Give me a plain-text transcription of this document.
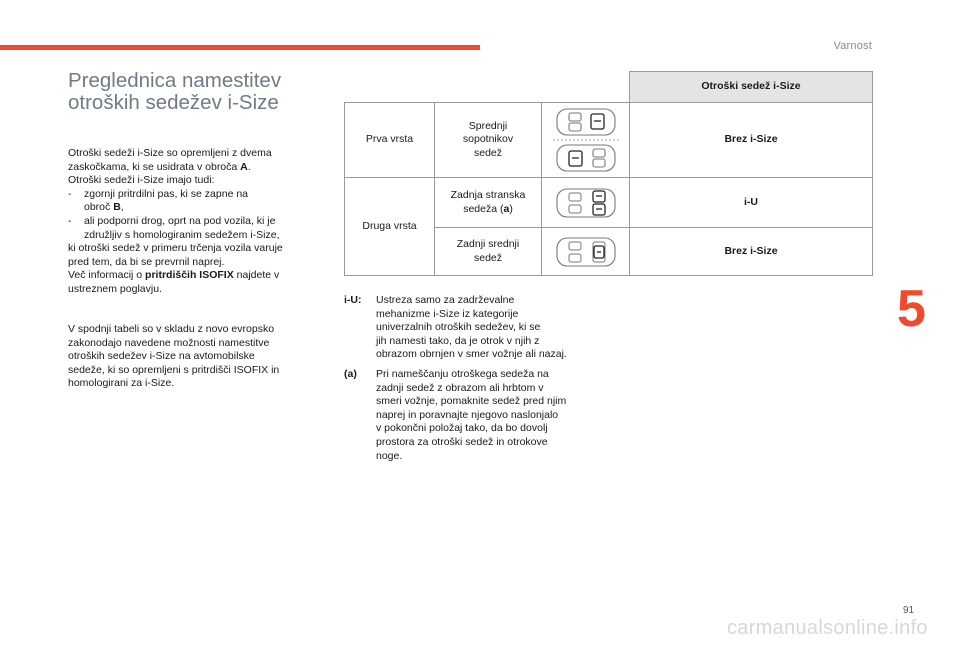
Varnost
5
Preglednica namestitev
otroških sedežev i-Size
Otroški sedeži i-Size so opremljeni z dvema
zaskočkama, ki se usidrata v obroča A.
Otroški sedeži i-Size imajo tudi:
- zgornji pritrdilni pas, ki se zapne na
obroč B,
- ali podporni drog, oprt na pod vozila, ki je
združljiv s homologiranim sedežem i-Size,
ki otroški sedež v primeru trčenja vozila varuje
pred tem, da bi se prevrnil naprej.
Več informacij o pritrdiščih ISOFIX najdete v
ustreznem poglavju.
V spodnji tabeli so v skladu z novo evropsko
zakonodajo navedene možnosti namestitve
otroških sedežev i-Size na avtomobilske
sedeže, ki so opremljeni s pritrdišči ISOFIX in
homologirani za i-Size.
Otroški sedež i-Size
Prva vrsta
Sprednji
sopotnikov
sedež
Brez i-Size
Druga vrsta
Zadnja stranska
sedeža (a)
i-U
Zadnji srednji
sedež
Brez i-Size
i-U: Ustreza samo za zadrževalne
mehanizme i-Size iz kategorije
univerzalnih otroških sedežev, ki se
jih namesti tako, da je otrok v njih z
obrazom obrnjen v smer vožnje ali nazaj.
(a) Pri nameščanju otroškega sedeža na
zadnji sedež z obrazom ali hrbtom v
smeri vožnje, pomaknite sedež pred njim
naprej in poravnajte njegovo naslonjalo
v pokončni položaj tako, da bo dovolj
prostora za otroški sedež in otrokove
noge.
91
carmanualsonline.info
